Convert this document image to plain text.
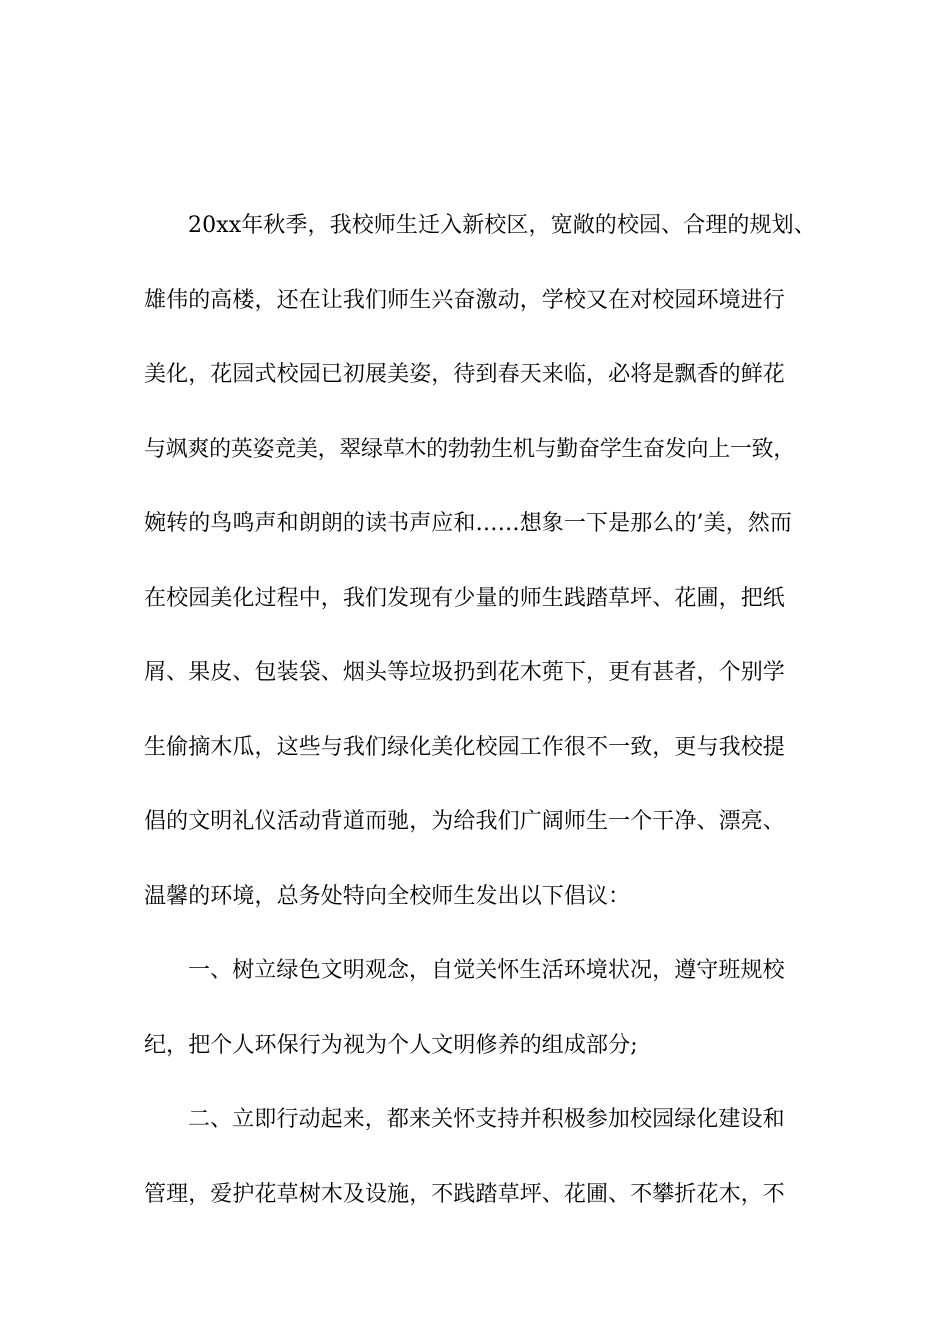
20xx年秋季，我校师生迁入新校区，宽敞的校园、合理的规划、
雄伟的高楼，还在让我们师生兴奋激动，学校又在对校园环境进行
美化，花园式校园已初展美姿，待到春天来临，必将是飘香的鲜花
与飒爽的英姿竞美，翠绿草木的勃勃生机与勤奋学生奋发向上一致，
婉转的鸟鸣声和朗朗的读书声应和……想象一下是那么的’美，然而
在校园美化过程中，我们发现有少量的师生践踏草坪、花圃，把纸
屑、果皮、包装袋、烟头等垃圾扔到花木蔸下，更有甚者，个别学
生偷摘木瓜，这些与我们绿化美化校园工作很不一致，更与我校提
倡的文明礼仪活动背道而驰，为给我们广阔师生一个干净、漂亮、
温馨的环境，总务处特向全校师生发出以下倡议：
一、树立绿色文明观念，自觉关怀生活环境状况，遵守班规校
纪，把个人环保行为视为个人文明修养的组成部分;
二、立即行动起来，都来关怀支持并积极参加校园绿化建设和
管理，爱护花草树木及设施，不践踏草坪、花圃、不攀折花木，不
